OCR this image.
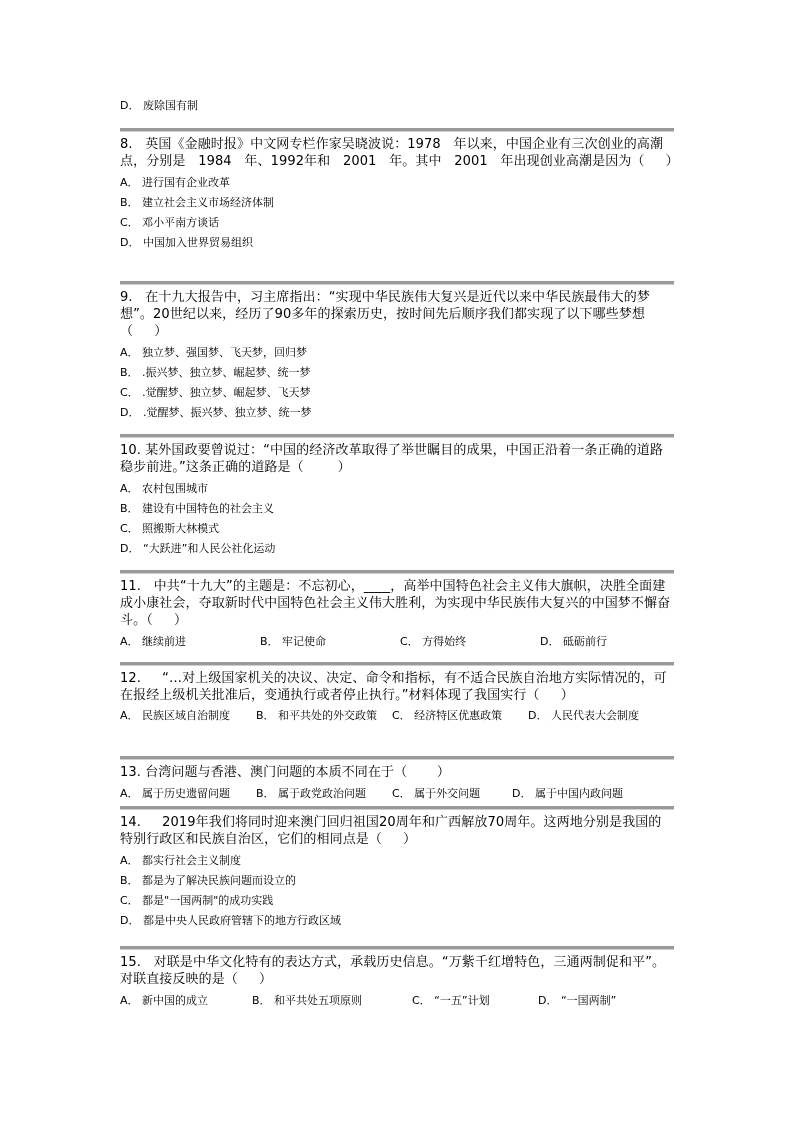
D． 废除国有制
8.   英国《金融时报》中文网专栏作家吴晓波说：1978   年以来，中国企业有三次创业的高潮点，分别是   1984   年、1992年和   2001   年。其中   2001   年出现创业高潮是因为（     ）
A． 进行国有企业改革
B． 建立社会主义市场经济体制
C． 邓小平南方谈话
D． 中国加入世界贸易组织
9.   在十九大报告中，习主席指出：“实现中华民族伟大复兴是近代以来中华民族最伟大的梦想”。20世纪以来，经历了90多年的探索历史，按时间先后顺序我们都实现了以下哪些梦想（     ）
A． 独立梦、强国梦、飞天梦，回归梦
B． .振兴梦、独立梦、崛起梦、统一梦
C． .觉醒梦、独立梦、崛起梦、飞天梦
D． .觉醒梦、振兴梦、独立梦、统一梦
10. 某外国政要曾说过：“中国的经济改革取得了举世瞩目的成果，中国正沿着一条正确的道路稳步前进。”这条正确的道路是（        ）
A． 农村包围城市
B． 建设有中国特色的社会主义
C． 照搬斯大林模式
D． “大跃进”和人民公社化运动
11.   中共“十九大”的主题是：不忘初心，____，高举中国特色社会主义伟大旗帜，决胜全面建成小康社会，夺取新时代中国特色社会主义伟大胜利，为实现中华民族伟大复兴的中国梦不懈奋斗。（     ）
A． 继续前进	B． 牢记使命	C． 方得始终	D． 砥砺前行
12.     “…对上级国家机关的决议、决定、命令和指标，有不适合民族自治地方实际情况的，可在报经上级机关批准后，变通执行或者停止执行。”材料体现了我国实行（     ）
A． 民族区域自治制度	B． 和平共处的外交政策	C． 经济特区优惠政策	D． 人民代表大会制度
13. 台湾问题与香港、澳门问题的本质不同在于（       ）
A． 属于历史遗留问题	B． 属于政党政治问题	C． 属于外交问题	D． 属于中国内政问题
14.     2019年我们将同时迎来澳门回归祖国20周年和广西解放70周年。这两地分别是我国的特别行政区和民族自治区，它们的相同点是（     ）
A． 都实行社会主义制度
B． 都是为了解决民族问题而设立的
C． 都是"一国两制"的成功实践
D． 都是中央人民政府管辖下的地方行政区域
15.   对联是中华文化特有的表达方式，承载历史信息。“万紫千红增特色，三通两制促和平”。对联直接反映的是（     ）
A． 新中国的成立	B． 和平共处五项原则	C． “一五”计划	D． “一国两制”
